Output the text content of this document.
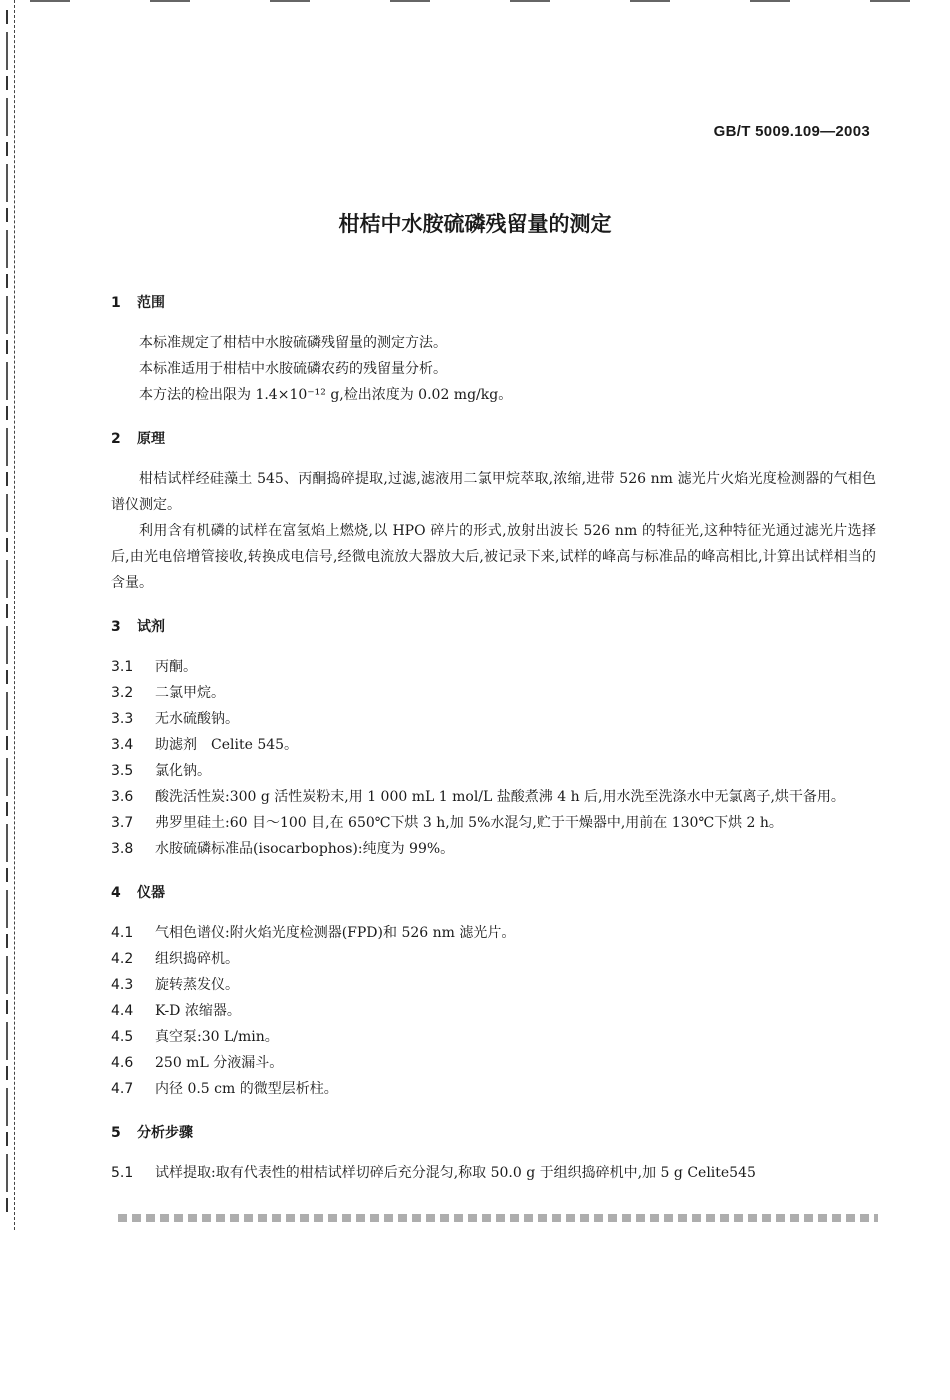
GB/T 5009.109—2003
柑桔中水胺硫磷残留量的测定
1 范围

本标准规定了柑桔中水胺硫磷残留量的测定方法。

本标准适用于柑桔中水胺硫磷农药的残留量分析。

本方法的检出限为 1.4×10⁻¹² g,检出浓度为 0.02 mg/kg。

2 原理

柑桔试样经硅藻土 545、丙酮捣碎提取,过滤,滤液用二氯甲烷萃取,浓缩,进带 526 nm 滤光片火焰光度检测器的气相色谱仪测定。

利用含有机磷的试样在富氢焰上燃烧,以 HPO 碎片的形式,放射出波长 526 nm 的特征光,这种特征光通过滤光片选择后,由光电倍增管接收,转换成电信号,经微电流放大器放大后,被记录下来,试样的峰高与标准品的峰高相比,计算出试样相当的含量。

3 试剂

3.1 丙酮。

3.2 二氯甲烷。

3.3 无水硫酸钠。

3.4 助滤剂　Celite 545。

3.5 氯化钠。

3.6 酸洗活性炭:300 g 活性炭粉末,用 1 000 mL 1 mol/L 盐酸煮沸 4 h 后,用水洗至洗涤水中无氯离子,烘干备用。

3.7 弗罗里硅土:60 目～100 目,在 650℃下烘 3 h,加 5%水混匀,贮于干燥器中,用前在 130℃下烘 2 h。

3.8 水胺硫磷标准品(isocarbophos):纯度为 99%。

4 仪器

4.1 气相色谱仪:附火焰光度检测器(FPD)和 526 nm 滤光片。

4.2 组织捣碎机。

4.3 旋转蒸发仪。

4.4 K-D 浓缩器。

4.5 真空泵:30 L/min。

4.6 250 mL 分液漏斗。

4.7 内径 0.5 cm 的微型层析柱。

5 分析步骤

5.1 试样提取:取有代表性的柑桔试样切碎后充分混匀,称取 50.0 g 于组织捣碎机中,加 5 g Celite545
